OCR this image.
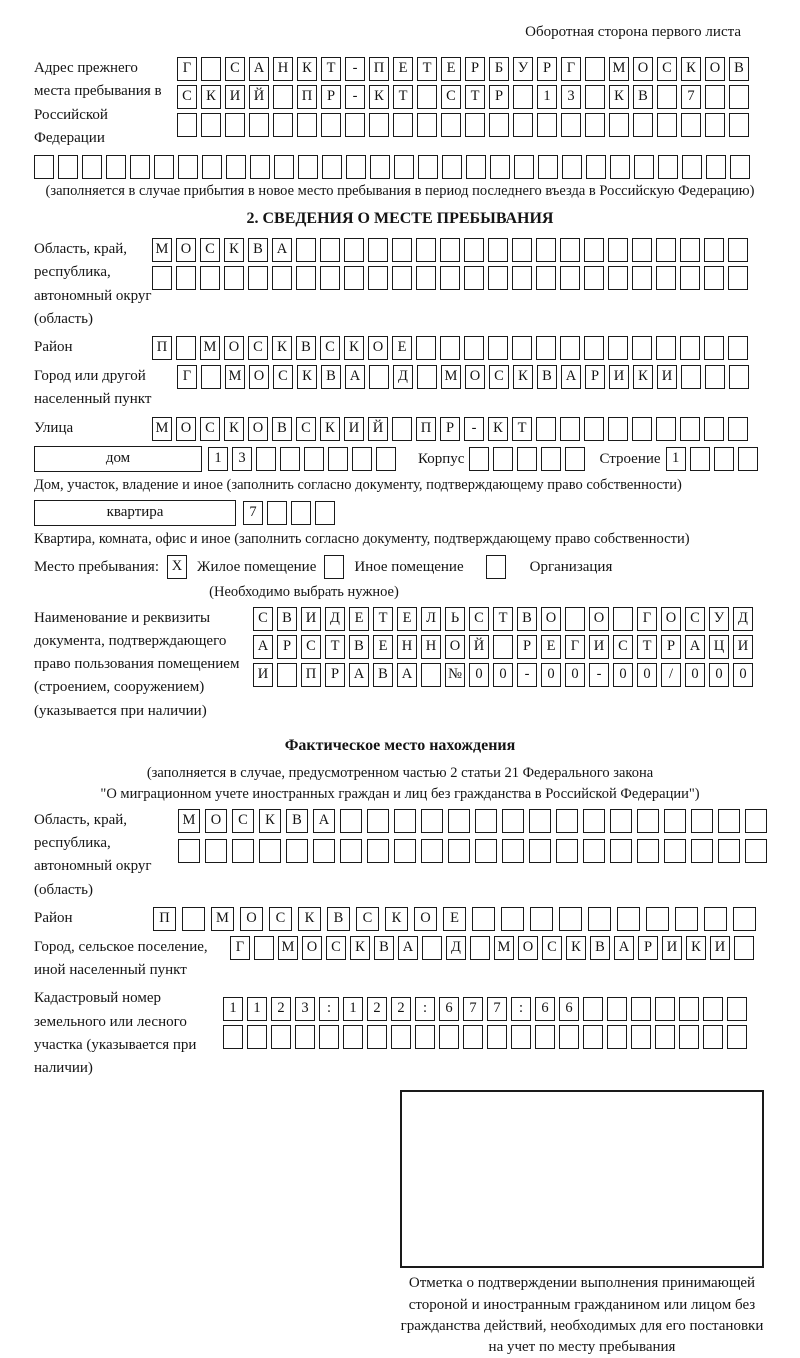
Оборотная сторона первого листа
Адрес прежнего места пребывания в Российской Федерации
Г	С А Н К Т - П Е Т Е Р Б У Р Г	М О С К О В
С К И Й	П Р - К Т	С Т Р	1 3	К В	7
(заполняется в случае прибытия в новое место пребывания в период последнего въезда в Российскую Федерацию)
2. СВЕДЕНИЯ О МЕСТЕ ПРЕБЫВАНИЯ
Область, край, республика, автономный округ (область)
М О С К В А
Район	П	М О С К В С К О Е
Город или другой населенный пункт
Г	М О С К В А	Д	М О С К В А Р И К И
Улица	М О С К О В С К И Й	П Р - К Т
дом	1 3	Корпус	Строение 1
Дом, участок, владение и иное (заполнить согласно документу, подтверждающему право собственности)
квартира	7
Квартира, комната, офис и иное (заполнить согласно документу, подтверждающему право собственности)
Место пребывания: X Жилое помещение	Иное помещение	Организация
(Необходимо выбрать нужное)
Наименование и реквизиты документа, подтверждающего право пользования помещением (строением, сооружением) (указывается при наличии)
С В И Д Е Т Е Л Ь С Т В О	О	Г О С У Д
А Р С Т В Е Н Н О Й	Р Е Г И С Т Р А Ц И
И	П Р А В А № 0 0 - 0 0 - 0 0 / 0 0 0
Фактическое место нахождения
(заполняется в случае, предусмотренном частью 2 статьи 21 Федерального закона
"О миграционном учете иностранных граждан и лиц без гражданства в Российской Федерации")
Область, край, республика, автономный округ (область)
М О С К В А
Район	П	М О С К В С К О Е
Город, сельское поселение, иной населенный пункт
Г	М О С К В А	Д	М О С К В А Р И К И
Кадастровый номер земельного или лесного участка (указывается при наличии)
1 1 2 3 : 1 2 2 : 6 7 7 : 6 6
Отметка о подтверждении выполнения принимающей стороной и иностранным гражданином или лицом без гражданства действий, необходимых для его постановки на учет по месту пребывания
